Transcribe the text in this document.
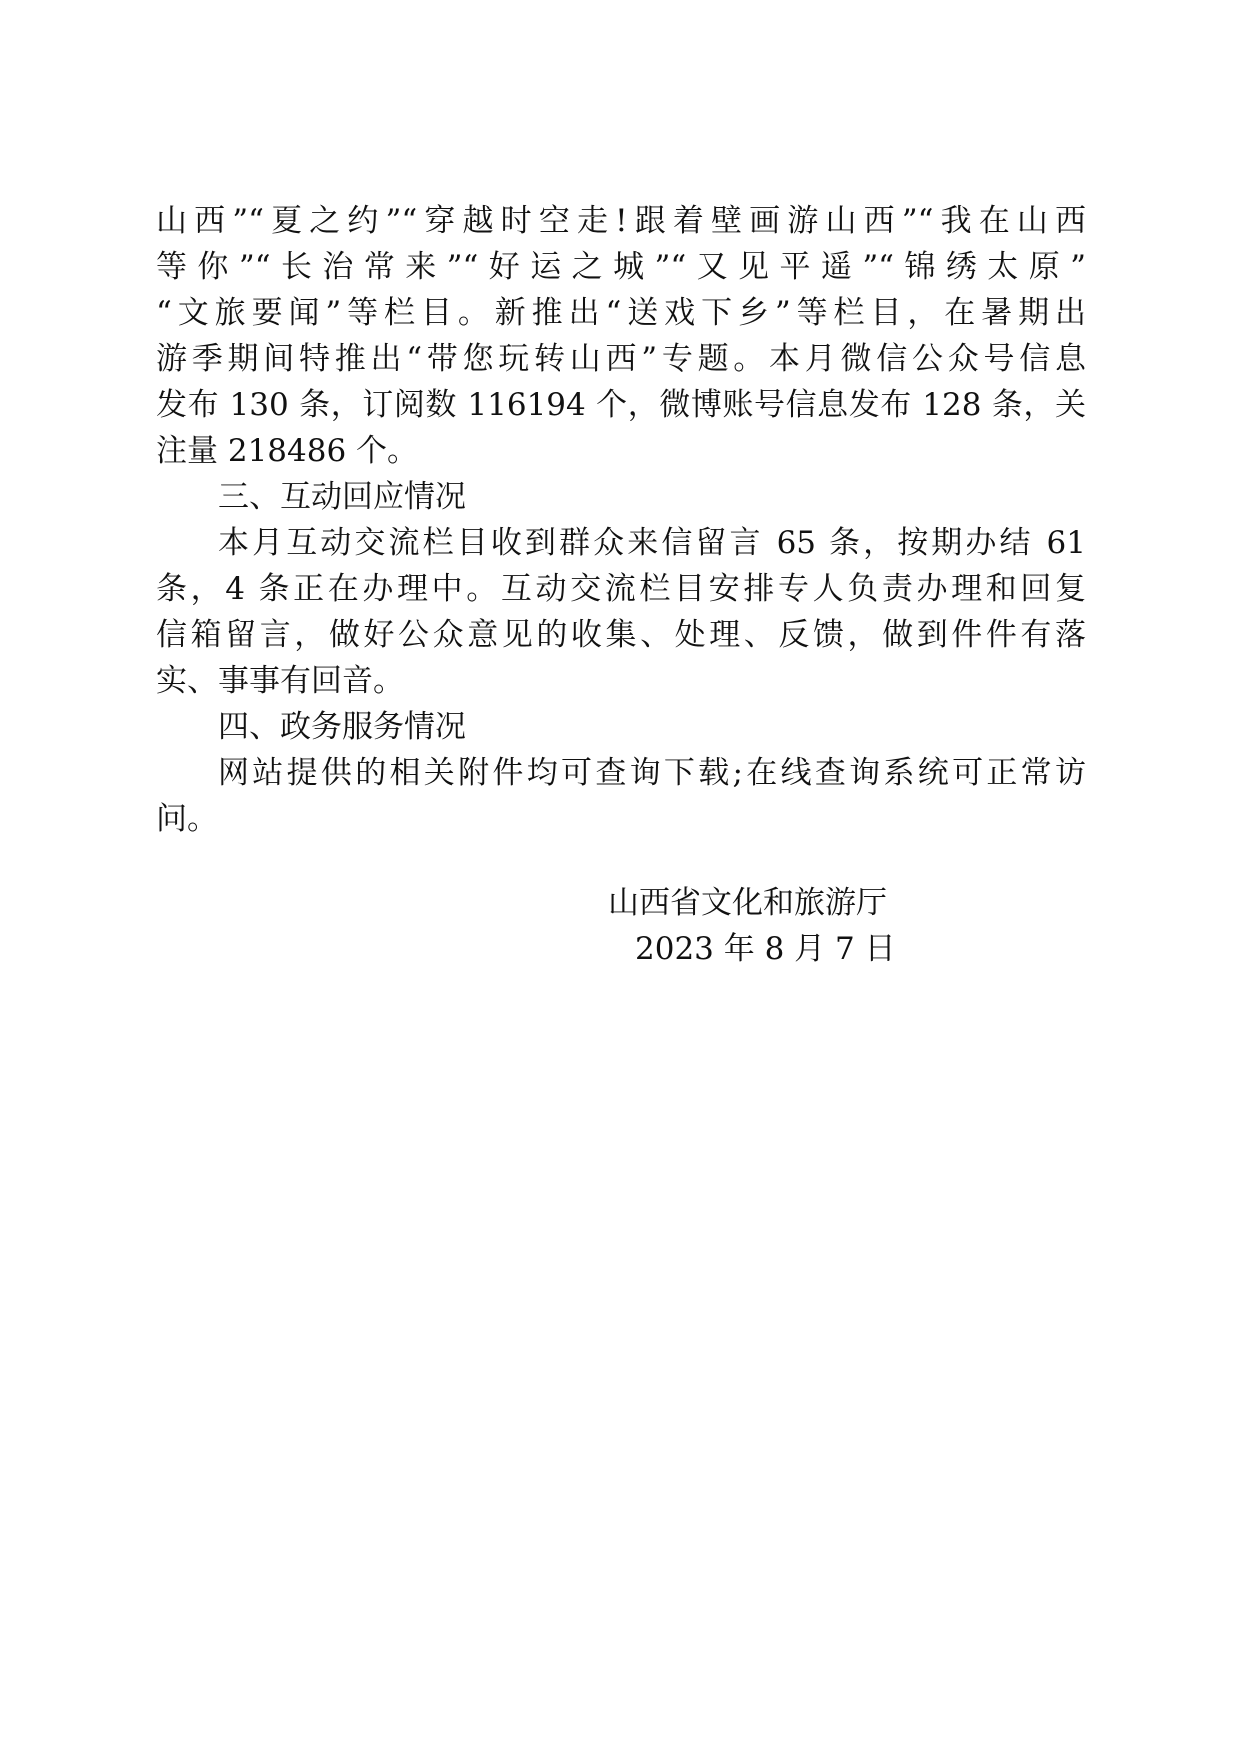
山西”“夏之约”“穿越时空走!跟着壁画游山西”“我在山西
等你”“长治常来”“好运之城”“又见平遥”“锦绣太原”
“文旅要闻”等栏目。新推出“送戏下乡”等栏目，在暑期出
游季期间特推出“带您玩转山西”专题。本月微信公众号信息
发布 130 条，订阅数 116194 个，微博账号信息发布 128 条，关
注量 218486 个。
三、互动回应情况
本月互动交流栏目收到群众来信留言 65 条，按期办结 61
条，4 条正在办理中。互动交流栏目安排专人负责办理和回复
信箱留言，做好公众意见的收集、处理、反馈，做到件件有落
实、事事有回音。
四、政务服务情况
网站提供的相关附件均可查询下载;在线查询系统可正常访
问。
山西省文化和旅游厅
2023 年 8 月 7 日
